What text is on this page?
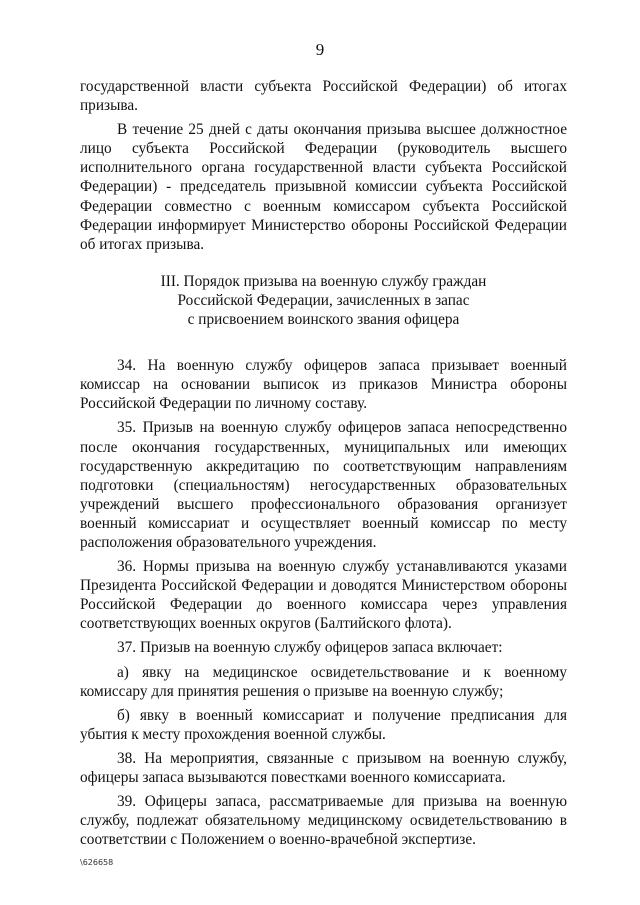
9

государственной власти субъекта Российской Федерации) об итогах призыва.

В течение 25 дней с даты окончания призыва высшее должностное лицо субъекта Российской Федерации (руководитель высшего исполнительного органа государственной власти субъекта Российской Федерации) - председатель призывной комиссии субъекта Российской Федерации совместно с военным комиссаром субъекта Российской Федерации информирует Министерство обороны Российской Федерации об итогах призыва.

III. Порядок призыва на военную службу граждан
Российской Федерации, зачисленных в запас
с присвоением воинского звания офицера

34. На военную службу офицеров запаса призывает военный комиссар на основании выписок из приказов Министра обороны Российской Федерации по личному составу.

35. Призыв на военную службу офицеров запаса непосредственно после окончания государственных, муниципальных или имеющих государственную аккредитацию по соответствующим направлениям подготовки (специальностям) негосударственных образовательных учреждений высшего профессионального образования организует военный комиссариат и осуществляет военный комиссар по месту расположения образовательного учреждения.

36. Нормы призыва на военную службу устанавливаются указами Президента Российской Федерации и доводятся Министерством обороны Российской Федерации до военного комиссара через управления соответствующих военных округов (Балтийского флота).

37. Призыв на военную службу офицеров запаса включает:

а) явку на медицинское освидетельствование и к военному комиссару для принятия решения о призыве на военную службу;

б) явку в военный комиссариат и получение предписания для убытия к месту прохождения военной службы.

38. На мероприятия, связанные с призывом на военную службу, офицеры запаса вызываются повестками военного комиссариата.

39. Офицеры запаса, рассматриваемые для призыва на военную службу, подлежат обязательному медицинскому освидетельствованию в соответствии с Положением о военно-врачебной экспертизе.

\626658
